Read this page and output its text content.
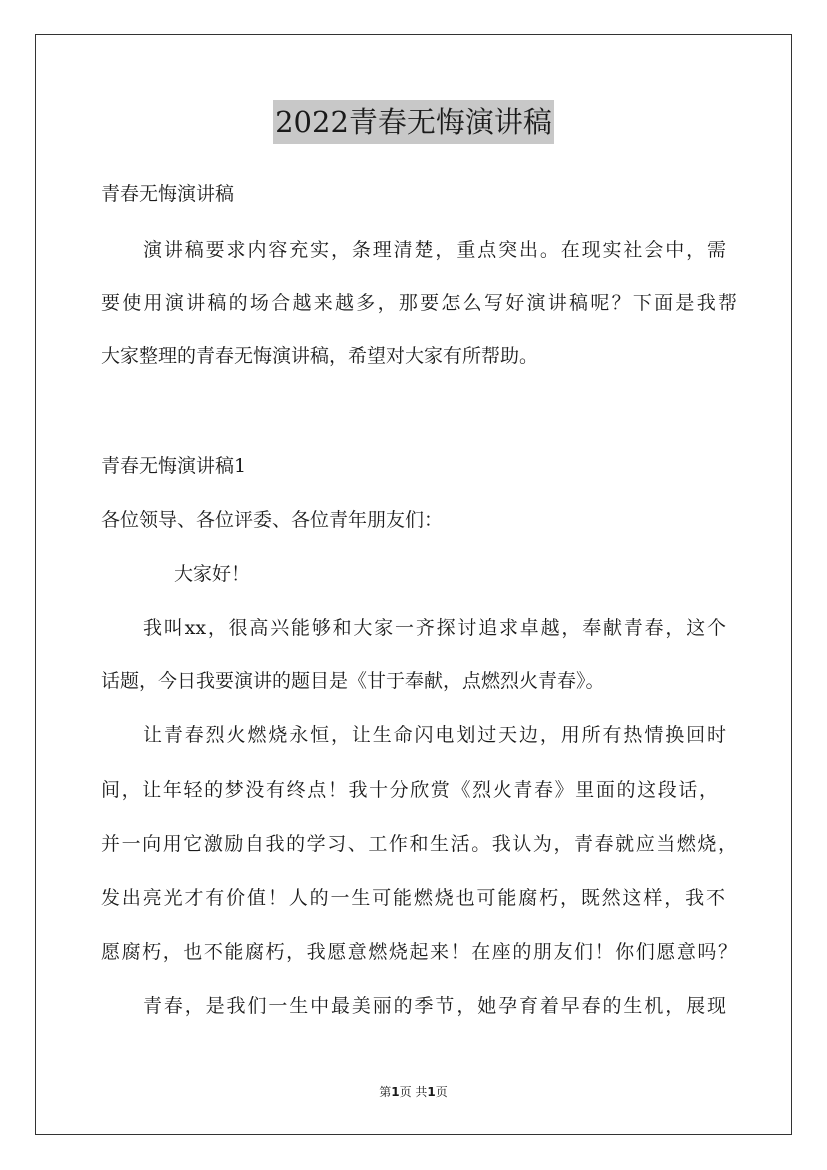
2022青春无悔演讲稿
青春无悔演讲稿
演讲稿要求内容充实，条理清楚，重点突出。在现实社会中，需
要使用演讲稿的场合越来越多，那要怎么写好演讲稿呢？下面是我帮
大家整理的青春无悔演讲稿，希望对大家有所帮助。
青春无悔演讲稿1
各位领导、各位评委、各位青年朋友们：
大家好！
我叫xx，很高兴能够和大家一齐探讨追求卓越，奉献青春，这个
话题，今日我要演讲的题目是《甘于奉献，点燃烈火青春》。
让青春烈火燃烧永恒，让生命闪电划过天边，用所有热情换回时
间，让年轻的梦没有终点！我十分欣赏《烈火青春》里面的这段话，
并一向用它激励自我的学习、工作和生活。我认为，青春就应当燃烧，
发出亮光才有价值！人的一生可能燃烧也可能腐朽，既然这样，我不
愿腐朽，也不能腐朽，我愿意燃烧起来！在座的朋友们！你们愿意吗？
青春，是我们一生中最美丽的季节，她孕育着早春的生机，展现
第1页 共1页
